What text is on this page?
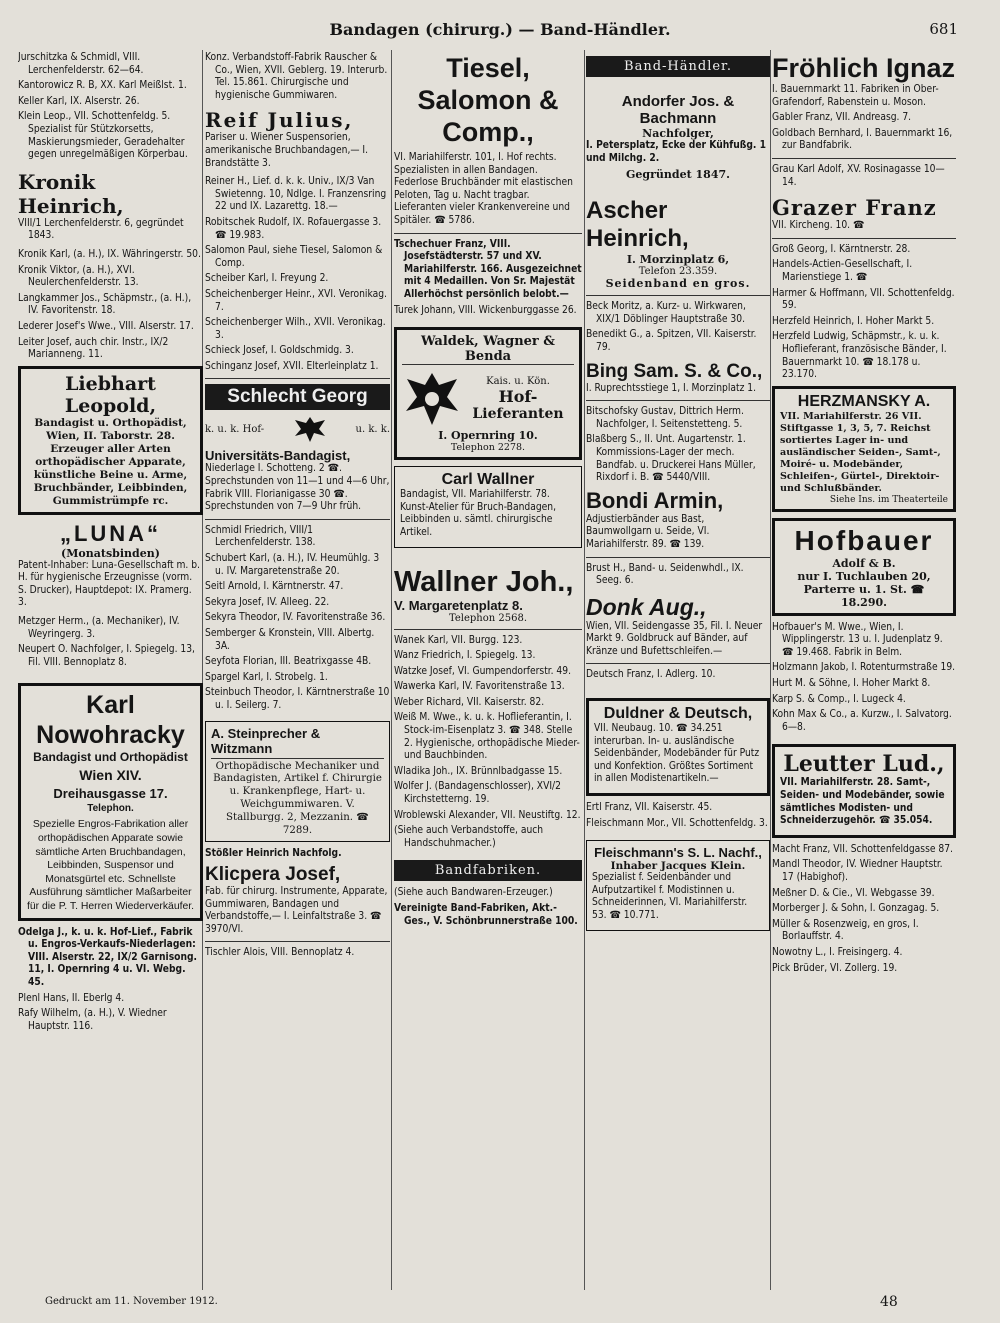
Bandagen (chirurg.) — Band-Händler.	681

Jurschitzka & Schmidl, VIII. Lerchenfelderstr. 62—64.

Kantorowicz R. B, XX. Karl Meißlst. 1.

Keller Karl, IX. Alserstr. 26.

Klein Leop., VII. Schottenfeldg. 5. Spezialist für Stützkorsetts, Maskierungsmieder, Geradehalter gegen unregelmäßigen Körperbau.

Kronik Heinrich,

VIII/1 Lerchenfelderstr. 6, gegründet 1843.

Kronik Karl, (a. H.), IX. Währingerstr. 50.

Kronik Viktor, (a. H.), XVI. Neulerchenfelderstr. 13.

Langkammer Jos., Schäpmstr., (a. H.), IV. Favoritenstr. 18.

Lederer Josef's Wwe., VIII. Alserstr. 17.

Leiter Josef, auch chir. Instr., IX/2 Mariannеng. 11.

Liebhart Leopold,
Bandagist u. Orthopädist, Wien, II. Taborstr. 28. Erzeuger aller Arten orthopädischer Apparate, künstliche Beine u. Arme, Bruchbänder, Leibbinden, Gummistrümpfe rc.
„LUNA“
(Monatsbinden)

Patent-Inhaber: Luna-Gesellschaft m. b. H. für hygienische Erzeugnisse (vorm. S. Drucker), Hauptdepot: IX. Pramerg. 3.

Metzger Herm., (a. Mechaniker), IV. Weyringerg. 3.

Neupert O. Nachfolger, I. Spiegelg. 13, Fil. VIII. Bennoplatz 8.

Karl Nowohracky
Bandagist und Orthopädist
Wien XIV.
Dreihausgasse 17.
Telephon.
Spezielle Engros-Fabrikation aller orthopädischen Apparate sowie sämtliche Arten Bruchbandagen, Leibbinden, Suspensor und Monatsgürtel etc. Schnellste Ausführung sämtlicher Maßarbeiter für die P. T. Herren Wiederverkäufer.

Odelga J., k. u. k. Hof-Lief., Fabrik u. Engros-Verkaufs-Niederlagen: VIII. Alserstr. 22, IX/2 Garnisong. 11, I. Opernring 4 u. VI. Webg. 45.

Plenl Hans, II. Eberlg 4.

Rafy Wilhelm, (a. H.), V. Wiedner Hauptstr. 116.

Konz. Verbandstoff-Fabrik Rauscher & Co., Wien, XVII. Geblerg. 19. Interurb. Tel. 15.861. Chirurgische und hygienische Gummiwaren.

Reif Julius,

Pariser u. Wiener Suspensorien, amerikanische Bruchbandagen,— I. Brandstätte 3.

Reiner H., Lief. d. k. k. Univ., IX/3 Van Swietenng. 10, Ndlge. I. Franzensring 22 und IX. Lazarettg. 18.—

Robitschek Rudolf, IX. Rofauergasse 3. ☎ 19.983.

Salomon Paul, siehe Tiesel, Salomon & Comp.

Scheiber Karl, I. Freyung 2.

Scheichenberger Heinr., XVI. Veronikag. 7.

Scheichenberger Wilh., XVII. Veronikag. 3.

Schieck Josef, I. Goldschmidg. 3.

Schinganz Josef, XVII. Elterleinplatz 1.

Schlecht Georg
k. u. k. Hof-	u. k. k.
Universitäts-Bandagist,

Niederlage I. Schotteng. 2 ☎. Sprechstunden von 11—1 und 4—6 Uhr, Fabrik VIII. Florianigasse 30 ☎. Sprechstunden von 7—9 Uhr früh.

Schmidl Friedrich, VIII/1 Lerchenfelderstr. 138.

Schubert Karl, (a. H.), IV. Heumühlg. 3 u. IV. Margaretenstraße 20.

Seitl Arnold, I. Kärntnerstr. 47.

Sekyra Josef, IV. Alleeg. 22.

Sekyra Theodor, IV. Favoritenstraße 36.

Semberger & Kronstein, VIII. Albertg. 3A.

Seyfota Florian, III. Beatrixgasse 4B.

Spargel Karl, I. Strobelg. 1.

Steinbuch Theodor, I. Kärntnerstraße 10 u. I. Seilerg. 7.

A. Steinprecher & Witzmann
Orthopädische Mechaniker und Bandagisten, Artikel f. Chirurgie u. Krankenpflege, Hart- u. Weichgummiwaren. V. Stallburgg. 2, Mezzanin. ☎ 7289.

Stößler Heinrich Nachfolg.

Klicpera Josef,

Fab. für chirurg. Instrumente, Apparate, Gummiwaren, Bandagen und Verbandstoffe,— I. Leinfaltstraße 3. ☎ 3970/VI.

Tischler Alois, VIII. Bennoplatz 4.

Tiesel, Salomon & Comp.,

VI. Mariahilferstr. 101, I. Hof rechts. Spezialisten in allen Bandagen. Federlose Bruchbänder mit elastischen Peloten, Tag u. Nacht tragbar. Lieferanten vieler Krankenvereine und Spitäler. ☎ 5786.

Tschechuer Franz, VIII. Josefstädterstr. 57 und XV. Mariahilferstr. 166. Ausgezeichnet mit 4 Medaillen. Von Sr. Majestät Allerhöchst persönlich belobt.—

Turek Johann, VIII. Wickenburggasse 26.

Waldek, Wagner & Benda
Kais. u. Kön.
Hof-
Lieferanten
I. Opernring 10.
Telephon 2278.
Carl Wallner

Bandagist, VII. Mariahilferstr. 78. Kunst-Atelier für Bruch-Bandagen, Leibbinden u. sämtl. chirurgische Artikel.

Wallner Joh.,
V. Margaretenplatz 8.
Telephon 2568.

Wanek Karl, VII. Burgg. 123.

Wanz Friedrich, I. Spiegelg. 13.

Watzke Josef, VI. Gumpendorferstr. 49.

Wawerka Karl, IV. Favoritenstraße 13.

Weber Richard, VII. Kaiserstr. 82.

Weiß M. Wwe., k. u. k. Hoflieferantin, I. Stock-im-Eisenplatz 3. ☎ 348. Stelle 2. Hygienische, orthopädische Mieder- und Bauchbinden.

Wladika Joh., IX. Brünnlbadgasse 15.

Wolfer J. (Bandagenschlosser), XVI/2 Kirchstetterng. 19.

Wroblewski Alexander, VII. Neustiftg. 12.

(Siehe auch Verbandstoffe, auch Handschuhmacher.)

Bandfabriken.

(Siehe auch Bandwaren-Erzeuger.)

Vereinigte Band-Fabriken, Akt.-Ges., V. Schönbrunnerstraße 100.

Band-Händler.
Andorfer Jos. & Bachmann
Nachfolger,

I. Petersplatz, Ecke der Kühfußg. 1 und Milchg. 2.

Gegründet 1847.
Ascher Heinrich,
I. Morzinplatz 6,
Telefon 23.359.
Seidenband en gros.

Beck Moritz, a. Kurz- u. Wirkwaren, XIX/1 Döblinger Hauptstraße 30.

Benedikt G., a. Spitzen, VII. Kaiserstr. 79.

Bing Sam. S. & Co.,

I. Ruprechtsstiege 1, I. Morzinplatz 1.

Bitschofsky Gustav, Dittrich Herm. Nachfolger, I. Seitenstetteng. 5.

Blaßberg S., II. Unt. Augartenstr. 1. Kommissions-Lager der mech. Bandfab. u. Druckerei Hans Müller, Rixdorf i. B. ☎ 5440/VIII.

Bondi Armin,

Adjustierbänder aus Bast, Baumwollgarn u. Seide, VI. Mariahilferstr. 89. ☎ 139.

Brust H., Band- u. Seidenwhdl., IX. Seeg. 6.

Donk Aug.,

Wien, VII. Seidengasse 35, Fil. I. Neuer Markt 9. Goldbruck auf Bänder, auf Kränze und Bufettschleifen.—

Deutsch Franz, I. Adlerg. 10.

Duldner & Deutsch,

VII. Neubaug. 10. ☎ 34.251 interurban. In- u. ausländische Seidenbänder, Modebänder für Putz und Konfektion. Größtes Sortiment in allen Modistenartikeln.—

Ertl Franz, VII. Kaiserstr. 45.

Fleischmann Mor., VII. Schottenfeldg. 3.

Fleischmann's S. L. Nachf.,
Inhaber Jacques Klein.

Spezialist f. Seidenbänder und Aufputzartikel f. Modistinnen u. Schneiderinnen, VI. Mariahilferstr. 53. ☎ 10.771.

Fröhlich Ignaz

I. Bauernmarkt 11. Fabriken in Ober-Grafendorf, Rabenstein u. Moson.

Gabler Franz, VII. Andreasg. 7.

Goldbach Bernhard, I. Bauernmarkt 16, zur Bandfabrik.

Grau Karl Adolf, XV. Rosinagasse 10—14.

Grazer Franz

VII. Kircheng. 10. ☎

Groß Georg, I. Kärntnerstr. 28.

Handels-Actien-Gesellschaft, I. Marienstiege 1. ☎

Harmer & Hoffmann, VII. Schottenfeldg. 59.

Herzfeld Heinrich, I. Hoher Markt 5.

Herzfeld Ludwig, Schäpmstr., k. u. k. Hoflieferant, französische Bänder, I. Bauernmarkt 10. ☎ 18.178 u. 23.170.

HERZMANSKY A.
VII. Mariahilferstr. 26 VII. Stiftgasse 1, 3, 5, 7. Reichst sortiertes Lager in- und ausländischer Seiden-, Samt-, Moiré- u. Modebänder, Schleifen-, Gürtel-, Direktoir- und Schlußbänder.
Siehe Ins. im Theaterteile
Hofbauer
Adolf & B.
nur I. Tuchlauben 20, Parterre u. 1. St. ☎ 18.290.

Hofbauer's M. Wwe., Wien, I. Wipplingerstr. 13 u. I. Judenplatz 9. ☎ 19.468. Fabrik in Belm.

Holzmann Jakob, I. Rotenturmstraße 19.

Hurt M. & Söhne, I. Hoher Markt 8.

Karp S. & Comp., I. Lugeck 4.

Kohn Max & Co., a. Kurzw., I. Salvatorg. 6—8.

Leutter Lud.,

VII. Mariahilferstr. 28. Samt-, Seiden- und Modebänder, sowie sämtliches Modisten- und Schneiderzugehör. ☎ 35.054.

Macht Franz, VII. Schottenfeldgasse 87.

Mandl Theodor, IV. Wiedner Hauptstr. 17 (Habighof).

Meßner D. & Cie., VI. Webgasse 39.

Morberger J. & Sohn, I. Gonzagag. 5.

Müller & Rosenzweig, en gros, I. Borlauffstr. 4.

Nowotny L., I. Freisingerg. 4.

Pick Brüder, VI. Zollerg. 19.

Gedruckt am 11. November 1912.	48
